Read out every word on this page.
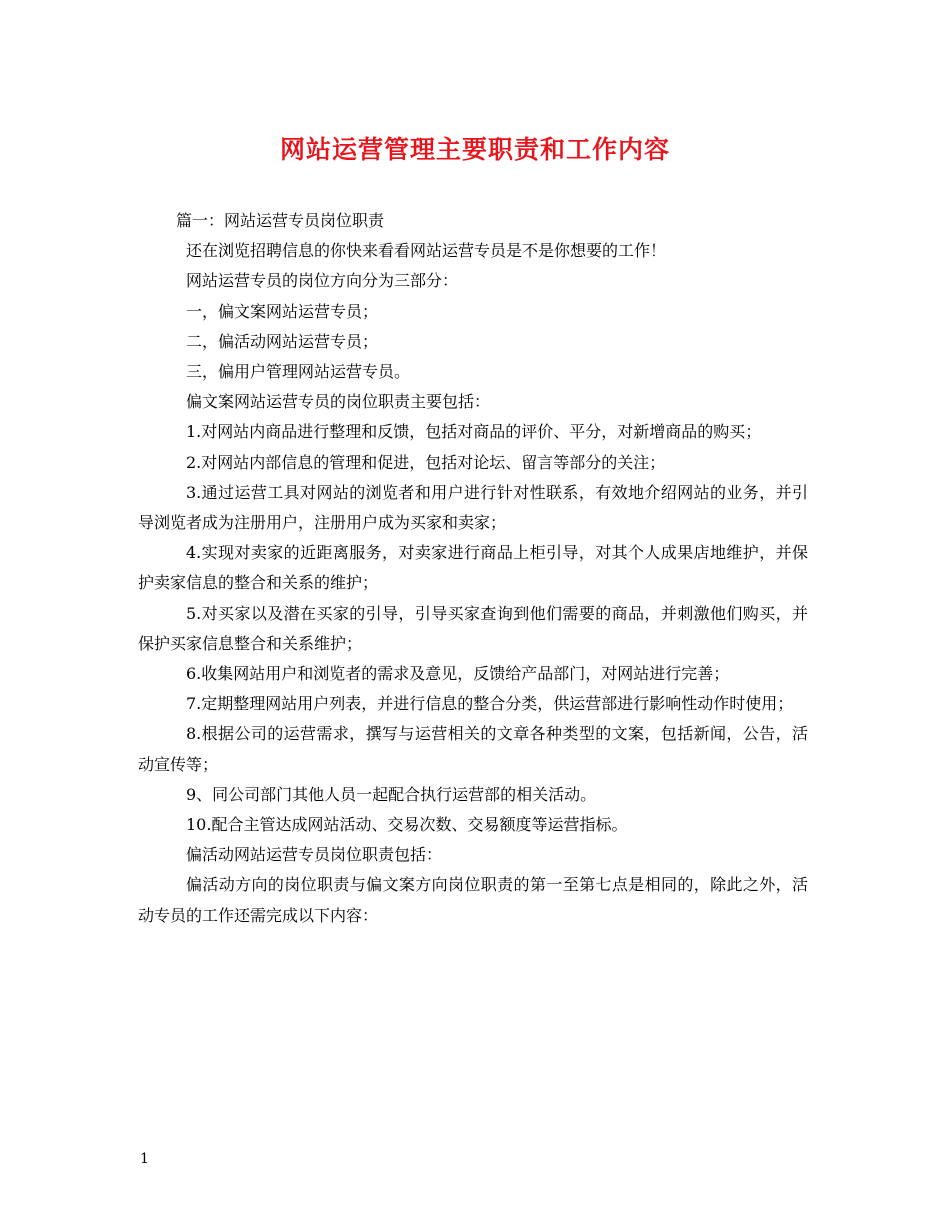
网站运营管理主要职责和工作内容

篇一：网站运营专员岗位职责

还在浏览招聘信息的你快来看看网站运营专员是不是你想要的工作！

网站运营专员的岗位方向分为三部分：

一，偏文案网站运营专员；

二，偏活动网站运营专员；

三，偏用户管理网站运营专员。

偏文案网站运营专员的岗位职责主要包括：

1.对网站内商品进行整理和反馈，包括对商品的评价、平分，对新增商品的购买；

2.对网站内部信息的管理和促进，包括对论坛、留言等部分的关注；

3.通过运营工具对网站的浏览者和用户进行针对性联系，有效地介绍网站的业务，并引导浏览者成为注册用户，注册用户成为买家和卖家；

4.实现对卖家的近距离服务，对卖家进行商品上柜引导，对其个人成果店地维护，并保护卖家信息的整合和关系的维护；

5.对买家以及潜在买家的引导，引导买家查询到他们需要的商品，并刺激他们购买，并保护买家信息整合和关系维护；

6.收集网站用户和浏览者的需求及意见，反馈给产品部门，对网站进行完善；

7.定期整理网站用户列表，并进行信息的整合分类，供运营部进行影响性动作时使用；

8.根据公司的运营需求，撰写与运营相关的文章各种类型的文案，包括新闻，公告，活动宣传等；

9、同公司部门其他人员一起配合执行运营部的相关活动。

10.配合主管达成网站活动、交易次数、交易额度等运营指标。

偏活动网站运营专员岗位职责包括：

偏活动方向的岗位职责与偏文案方向岗位职责的第一至第七点是相同的，除此之外，活动专员的工作还需完成以下内容：

1
